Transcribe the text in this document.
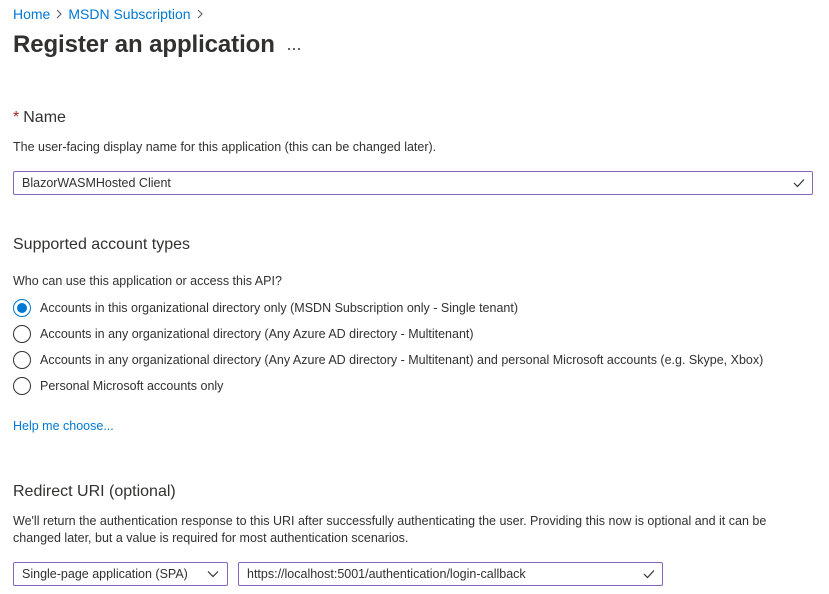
Home MSDN Subscription
Register an application
* Name
The user-facing display name for this application (this can be changed later).
BlazorWASMHosted Client
Supported account types
Who can use this application or access this API?
Accounts in this organizational directory only (MSDN Subscription only - Single tenant)
Accounts in any organizational directory (Any Azure AD directory - Multitenant)
Accounts in any organizational directory (Any Azure AD directory - Multitenant) and personal Microsoft accounts (e.g. Skype, Xbox)
Personal Microsoft accounts only
Help me choose...
Redirect URI (optional)
We'll return the authentication response to this URI after successfully authenticating the user. Providing this now is optional and it can be changed later, but a value is required for most authentication scenarios.
Single-page application (SPA)
https://localhost:5001/authentication/login-callback
